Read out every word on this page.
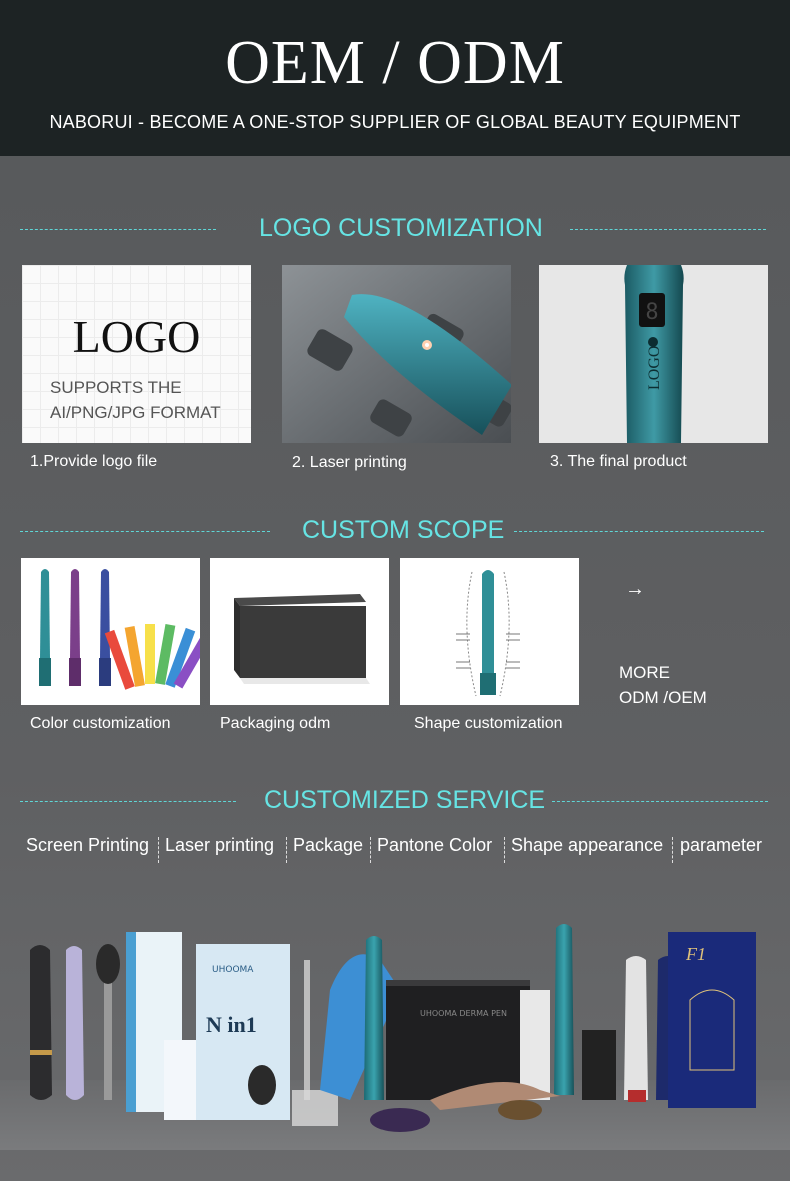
OEM / ODM
NABORUI - BECOME A ONE-STOP SUPPLIER OF GLOBAL BEAUTY EQUIPMENT
LOGO CUSTOMIZATION
LOGO
SUPPORTS THE
AI/PNG/JPG FORMAT
8
LOGO
1.Provide logo file	2. Laser printing	3. The final product
CUSTOM SCOPE
→
MORE
ODM /OEM
Color customization	Packaging odm	Shape customization
CUSTOMIZED SERVICE
Screen Printing Laser printing Package Pantone Color Shape appearance parameter
UHOOMA
N in1	UHOOMA DERMA PEN
F1
